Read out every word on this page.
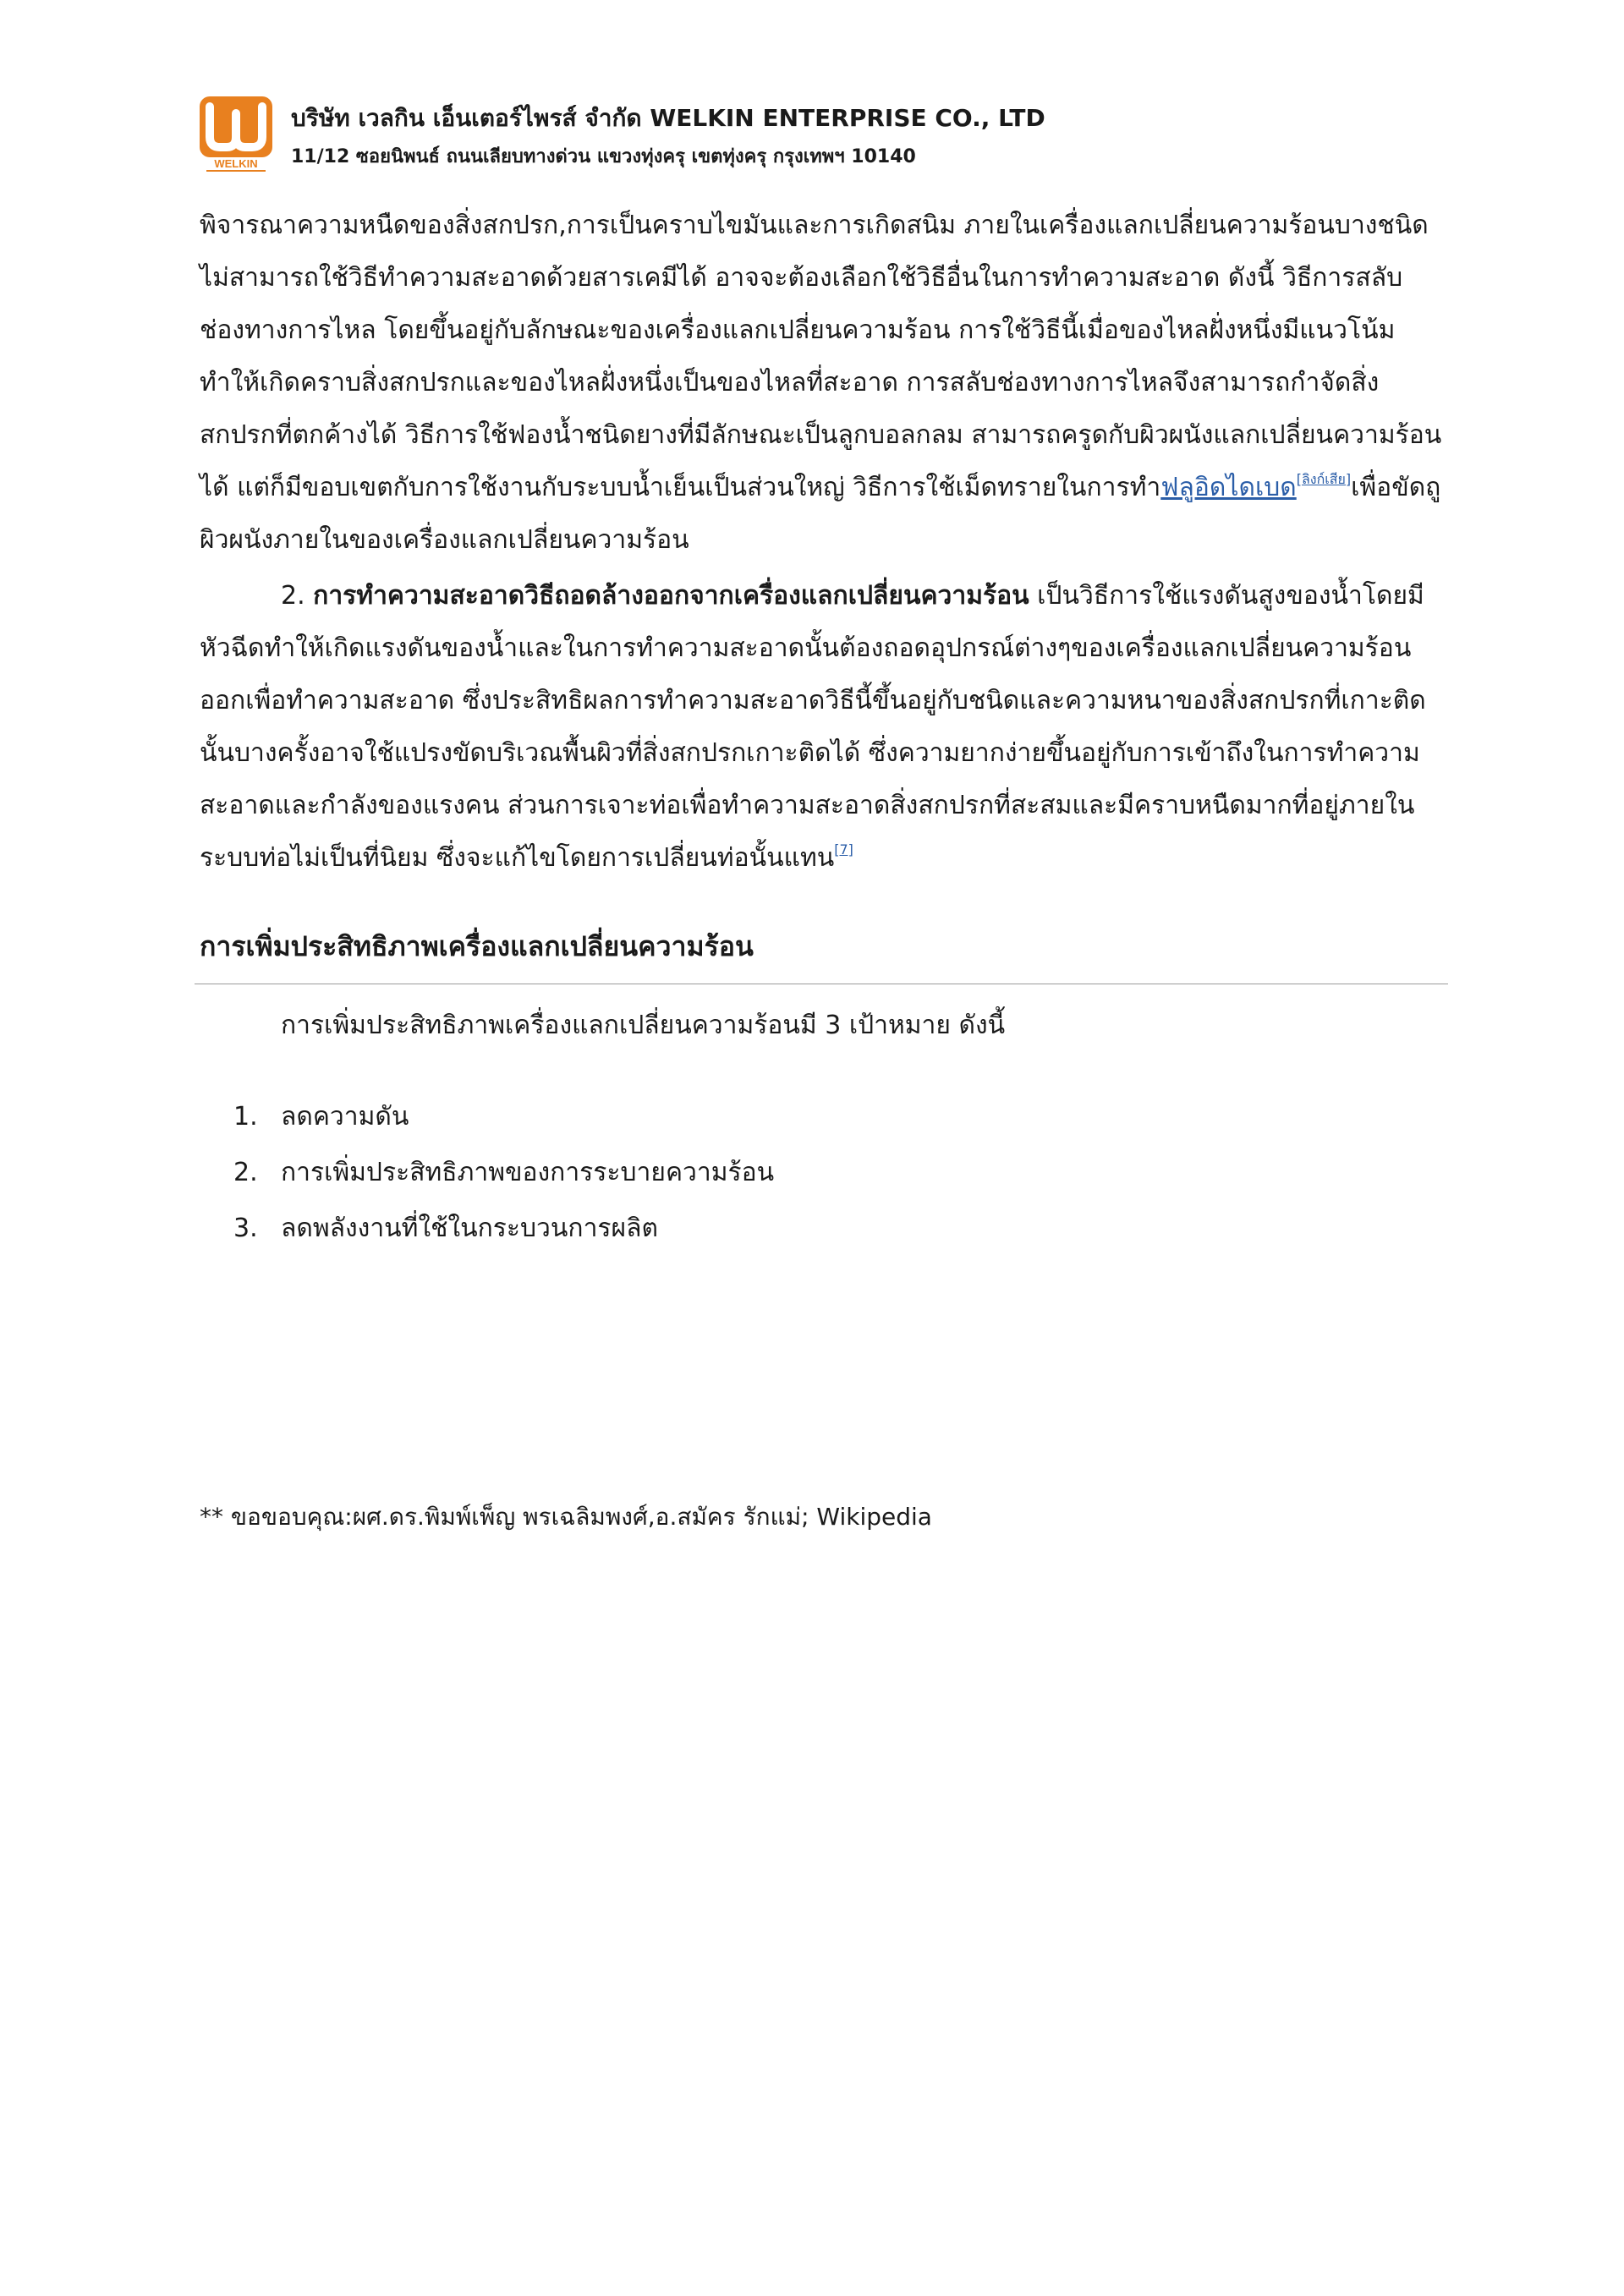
WELKIN
บริษัท เวลกิน เอ็นเตอร์ไพรส์ จำกัด WELKIN ENTERPRISE CO., LTD
11/12 ซอยนิพนธ์ ถนนเลียบทางด่วน แขวงทุ่งครุ เขตทุ่งครุ กรุงเทพฯ 10140

พิจารณาความหนืดของสิ่งสกปรก,การเป็นคราบไขมันและการเกิดสนิม ภายในเครื่องแลกเปลี่ยนความร้อนบางชนิดไม่สามารถใช้วิธีทำความสะอาดด้วยสารเคมีได้ อาจจะต้องเลือกใช้วิธีอื่นในการทำความสะอาด ดังนี้ วิธีการสลับช่องทางการไหล โดยขึ้นอยู่กับลักษณะของเครื่องแลกเปลี่ยนความร้อน การใช้วิธีนี้เมื่อของไหลฝั่งหนึ่งมีแนวโน้มทำให้เกิดคราบสิ่งสกปรกและของไหลฝั่งหนึ่งเป็นของไหลที่สะอาด การสลับช่องทางการไหลจึงสามารถกำจัดสิ่งสกปรกที่ตกค้างได้ วิธีการใช้ฟองน้ำชนิดยางที่มีลักษณะเป็นลูกบอลกลม สามารถครูดกับผิวผนังแลกเปลี่ยนความร้อนได้ แต่ก็มีขอบเขตกับการใช้งานกับระบบน้ำเย็นเป็นส่วนใหญ่ วิธีการใช้เม็ดทรายในการทำฟลูอิดไดเบด[ลิงก์เสีย]เพื่อขัดถูผิวผนังภายในของเครื่องแลกเปลี่ยนความร้อน

2. การทำความสะอาดวิธีถอดล้างออกจากเครื่องแลกเปลี่ยนความร้อน เป็นวิธีการใช้แรงดันสูงของน้ำโดยมีหัวฉีดทำให้เกิดแรงดันของน้ำและในการทำความสะอาดนั้นต้องถอดอุปกรณ์ต่างๆของเครื่องแลกเปลี่ยนความร้อนออกเพื่อทำความสะอาด ซึ่งประสิทธิผลการทำความสะอาดวิธีนี้ขึ้นอยู่กับชนิดและความหนาของสิ่งสกปรกที่เกาะติดนั้นบางครั้งอาจใช้แปรงขัดบริเวณพื้นผิวที่สิ่งสกปรกเกาะติดได้ ซึ่งความยากง่ายขึ้นอยู่กับการเข้าถึงในการทำความสะอาดและกำลังของแรงคน ส่วนการเจาะท่อเพื่อทำความสะอาดสิ่งสกปรกที่สะสมและมีคราบหนืดมากที่อยู่ภายในระบบท่อไม่เป็นที่นิยม ซึ่งจะแก้ไขโดยการเปลี่ยนท่อนั้นแทน[7]

การเพิ่มประสิทธิภาพเครื่องแลกเปลี่ยนความร้อน
การเพิ่มประสิทธิภาพเครื่องแลกเปลี่ยนความร้อนมี 3 เป้าหมาย ดังนี้
1. ลดความดัน
2. การเพิ่มประสิทธิภาพของการระบายความร้อน
3. ลดพลังงานที่ใช้ในกระบวนการผลิต
** ขอขอบคุณ:ผศ.ดร.พิมพ์เพ็ญ พรเฉลิมพงศ์,อ.สมัคร รักแม่; Wikipedia
